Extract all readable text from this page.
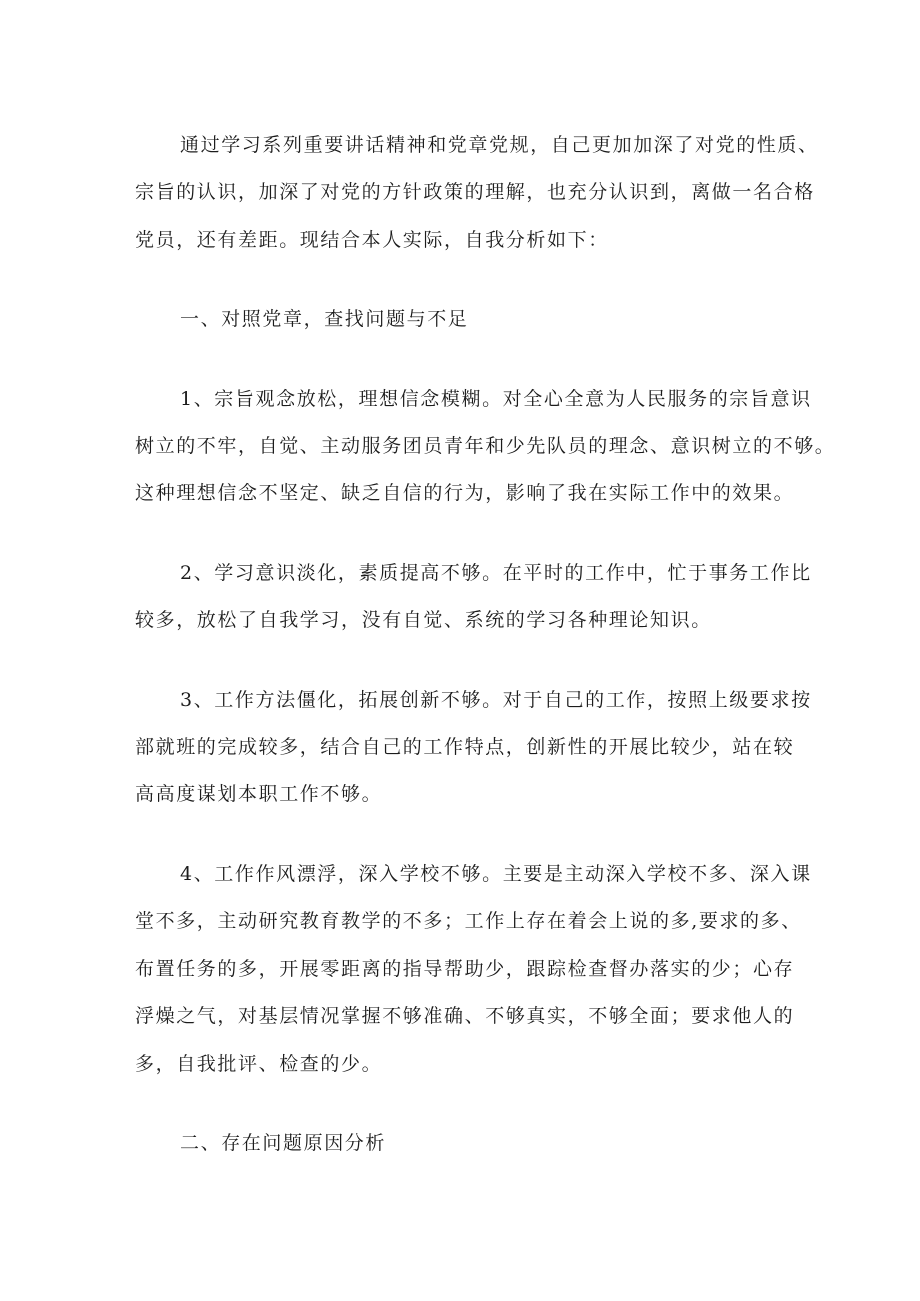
通过学习系列重要讲话精神和党章党规，自己更加加深了对党的性质、
宗旨的认识，加深了对党的方针政策的理解，也充分认识到，离做一名合格
党员，还有差距。现结合本人实际，自我分析如下：

一、对照党章，查找问题与不足

1、宗旨观念放松，理想信念模糊。对全心全意为人民服务的宗旨意识
树立的不牢，自觉、主动服务团员青年和少先队员的理念、意识树立的不够。
这种理想信念不坚定、缺乏自信的行为，影响了我在实际工作中的效果。

2、学习意识淡化，素质提高不够。在平时的工作中，忙于事务工作比
较多，放松了自我学习，没有自觉、系统的学习各种理论知识。

3、工作方法僵化，拓展创新不够。对于自己的工作，按照上级要求按
部就班的完成较多，结合自己的工作特点，创新性的开展比较少，站在较
高高度谋划本职工作不够。

4、工作作风漂浮，深入学校不够。主要是主动深入学校不多、深入课
堂不多，主动研究教育教学的不多；工作上存在着会上说的多,要求的多、
布置任务的多，开展零距离的指导帮助少，跟踪检查督办落实的少；心存
浮燥之气，对基层情况掌握不够准确、不够真实，不够全面；要求他人的
多，自我批评、检查的少。

二、存在问题原因分析
